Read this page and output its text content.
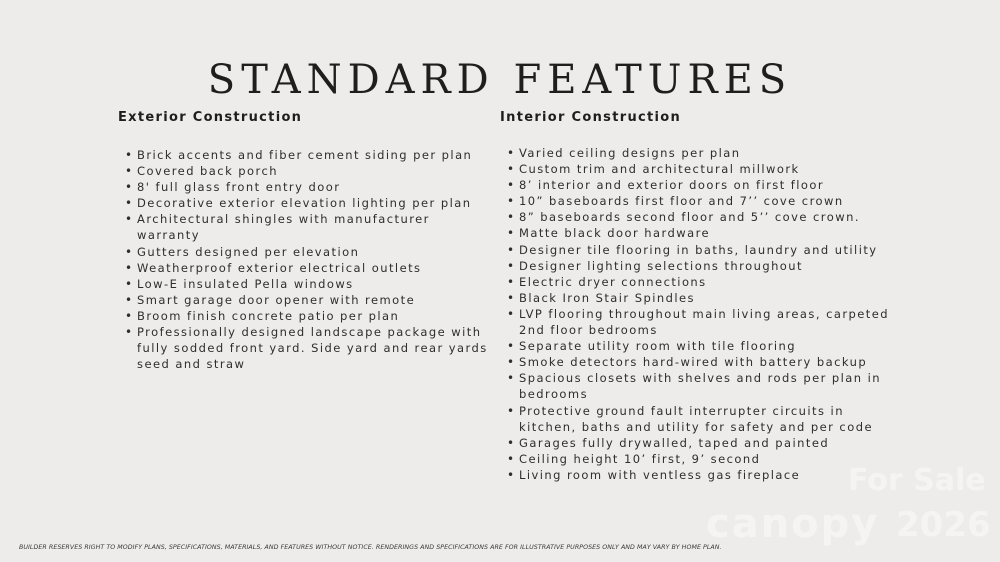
STANDARD FEATURES
Exterior Construction
• Brick accents and fiber cement siding per plan
• Covered back porch
• 8' full glass front entry door
• Decorative exterior elevation lighting per plan
• Architectural shingles with manufacturer warranty
• Gutters designed per elevation
• Weatherproof exterior electrical outlets
• Low-E insulated Pella windows
• Smart garage door opener with remote
• Broom finish concrete patio per plan
• Professionally designed landscape package with fully sodded front yard. Side yard and rear yards seed and straw
Interior Construction
• Varied ceiling designs per plan
• Custom trim and architectural millwork
• 8’ interior and exterior doors on first floor
• 10” baseboards first floor and 7’’ cove crown
• 8” baseboards second floor and 5’’ cove crown.
• Matte black door hardware
• Designer tile flooring in baths, laundry and utility
• Designer lighting selections throughout
• Electric dryer connections
• Black Iron Stair Spindles
• LVP flooring throughout main living areas, carpeted 2nd floor bedrooms
• Separate utility room with tile flooring
• Smoke detectors hard-wired with battery backup
• Spacious closets with shelves and rods per plan in bedrooms
• Protective ground fault interrupter circuits in kitchen, baths and utility for safety and per code
• Garages fully drywalled, taped and painted
• Ceiling height 10’ first, 9’ second
• Living room with ventless gas fireplace
BUILDER RESERVES RIGHT TO MODIFY PLANS, SPECIFICATIONS, MATERIALS, AND FEATURES WITHOUT NOTICE. RENDERINGS AND SPECIFICATIONS ARE FOR ILLUSTRATIVE PURPOSES ONLY AND MAY VARY BY HOME PLAN.
For Sale
canopy 2026
